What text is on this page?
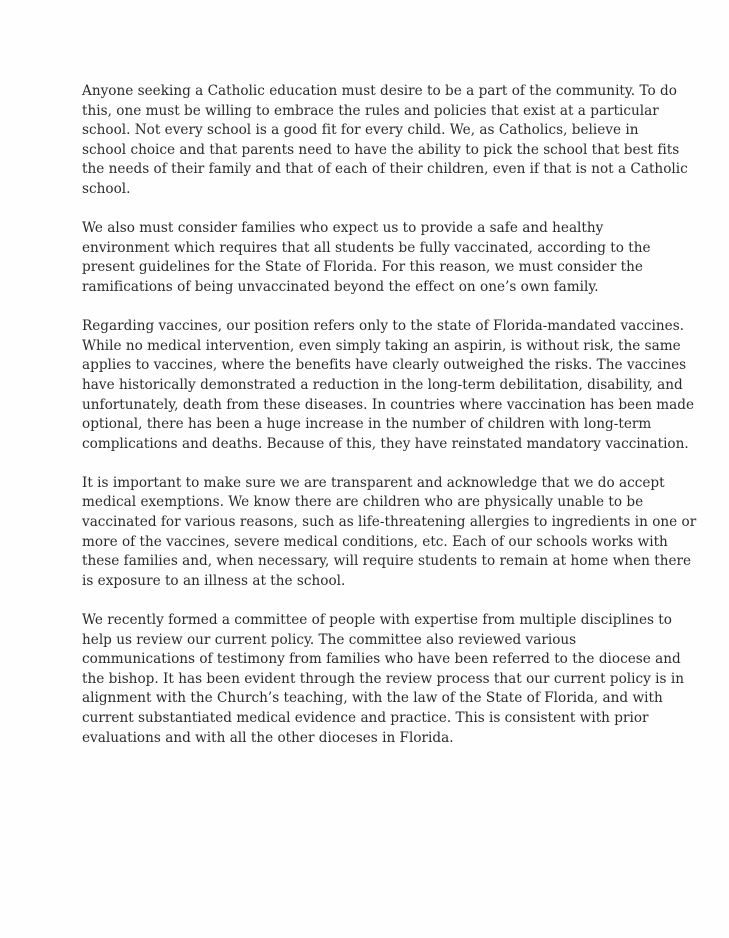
Anyone seeking a Catholic education must desire to be a part of the community. To do
this, one must be willing to embrace the rules and policies that exist at a particular
school. Not every school is a good fit for every child. We, as Catholics, believe in
school choice and that parents need to have the ability to pick the school that best fits
the needs of their family and that of each of their children, even if that is not a Catholic
school.

We also must consider families who expect us to provide a safe and healthy
environment which requires that all students be fully vaccinated, according to the
present guidelines for the State of Florida. For this reason, we must consider the
ramifications of being unvaccinated beyond the effect on one’s own family.

Regarding vaccines, our position refers only to the state of Florida-mandated vaccines.
While no medical intervention, even simply taking an aspirin, is without risk, the same
applies to vaccines, where the benefits have clearly outweighed the risks. The vaccines
have historically demonstrated a reduction in the long-term debilitation, disability, and
unfortunately, death from these diseases. In countries where vaccination has been made
optional, there has been a huge increase in the number of children with long-term
complications and deaths. Because of this, they have reinstated mandatory vaccination.

It is important to make sure we are transparent and acknowledge that we do accept
medical exemptions. We know there are children who are physically unable to be
vaccinated for various reasons, such as life-threatening allergies to ingredients in one or
more of the vaccines, severe medical conditions, etc. Each of our schools works with
these families and, when necessary, will require students to remain at home when there
is exposure to an illness at the school.

We recently formed a committee of people with expertise from multiple disciplines to
help us review our current policy. The committee also reviewed various
communications of testimony from families who have been referred to the diocese and
the bishop. It has been evident through the review process that our current policy is in
alignment with the Church’s teaching, with the law of the State of Florida, and with
current substantiated medical evidence and practice. This is consistent with prior
evaluations and with all the other dioceses in Florida.
